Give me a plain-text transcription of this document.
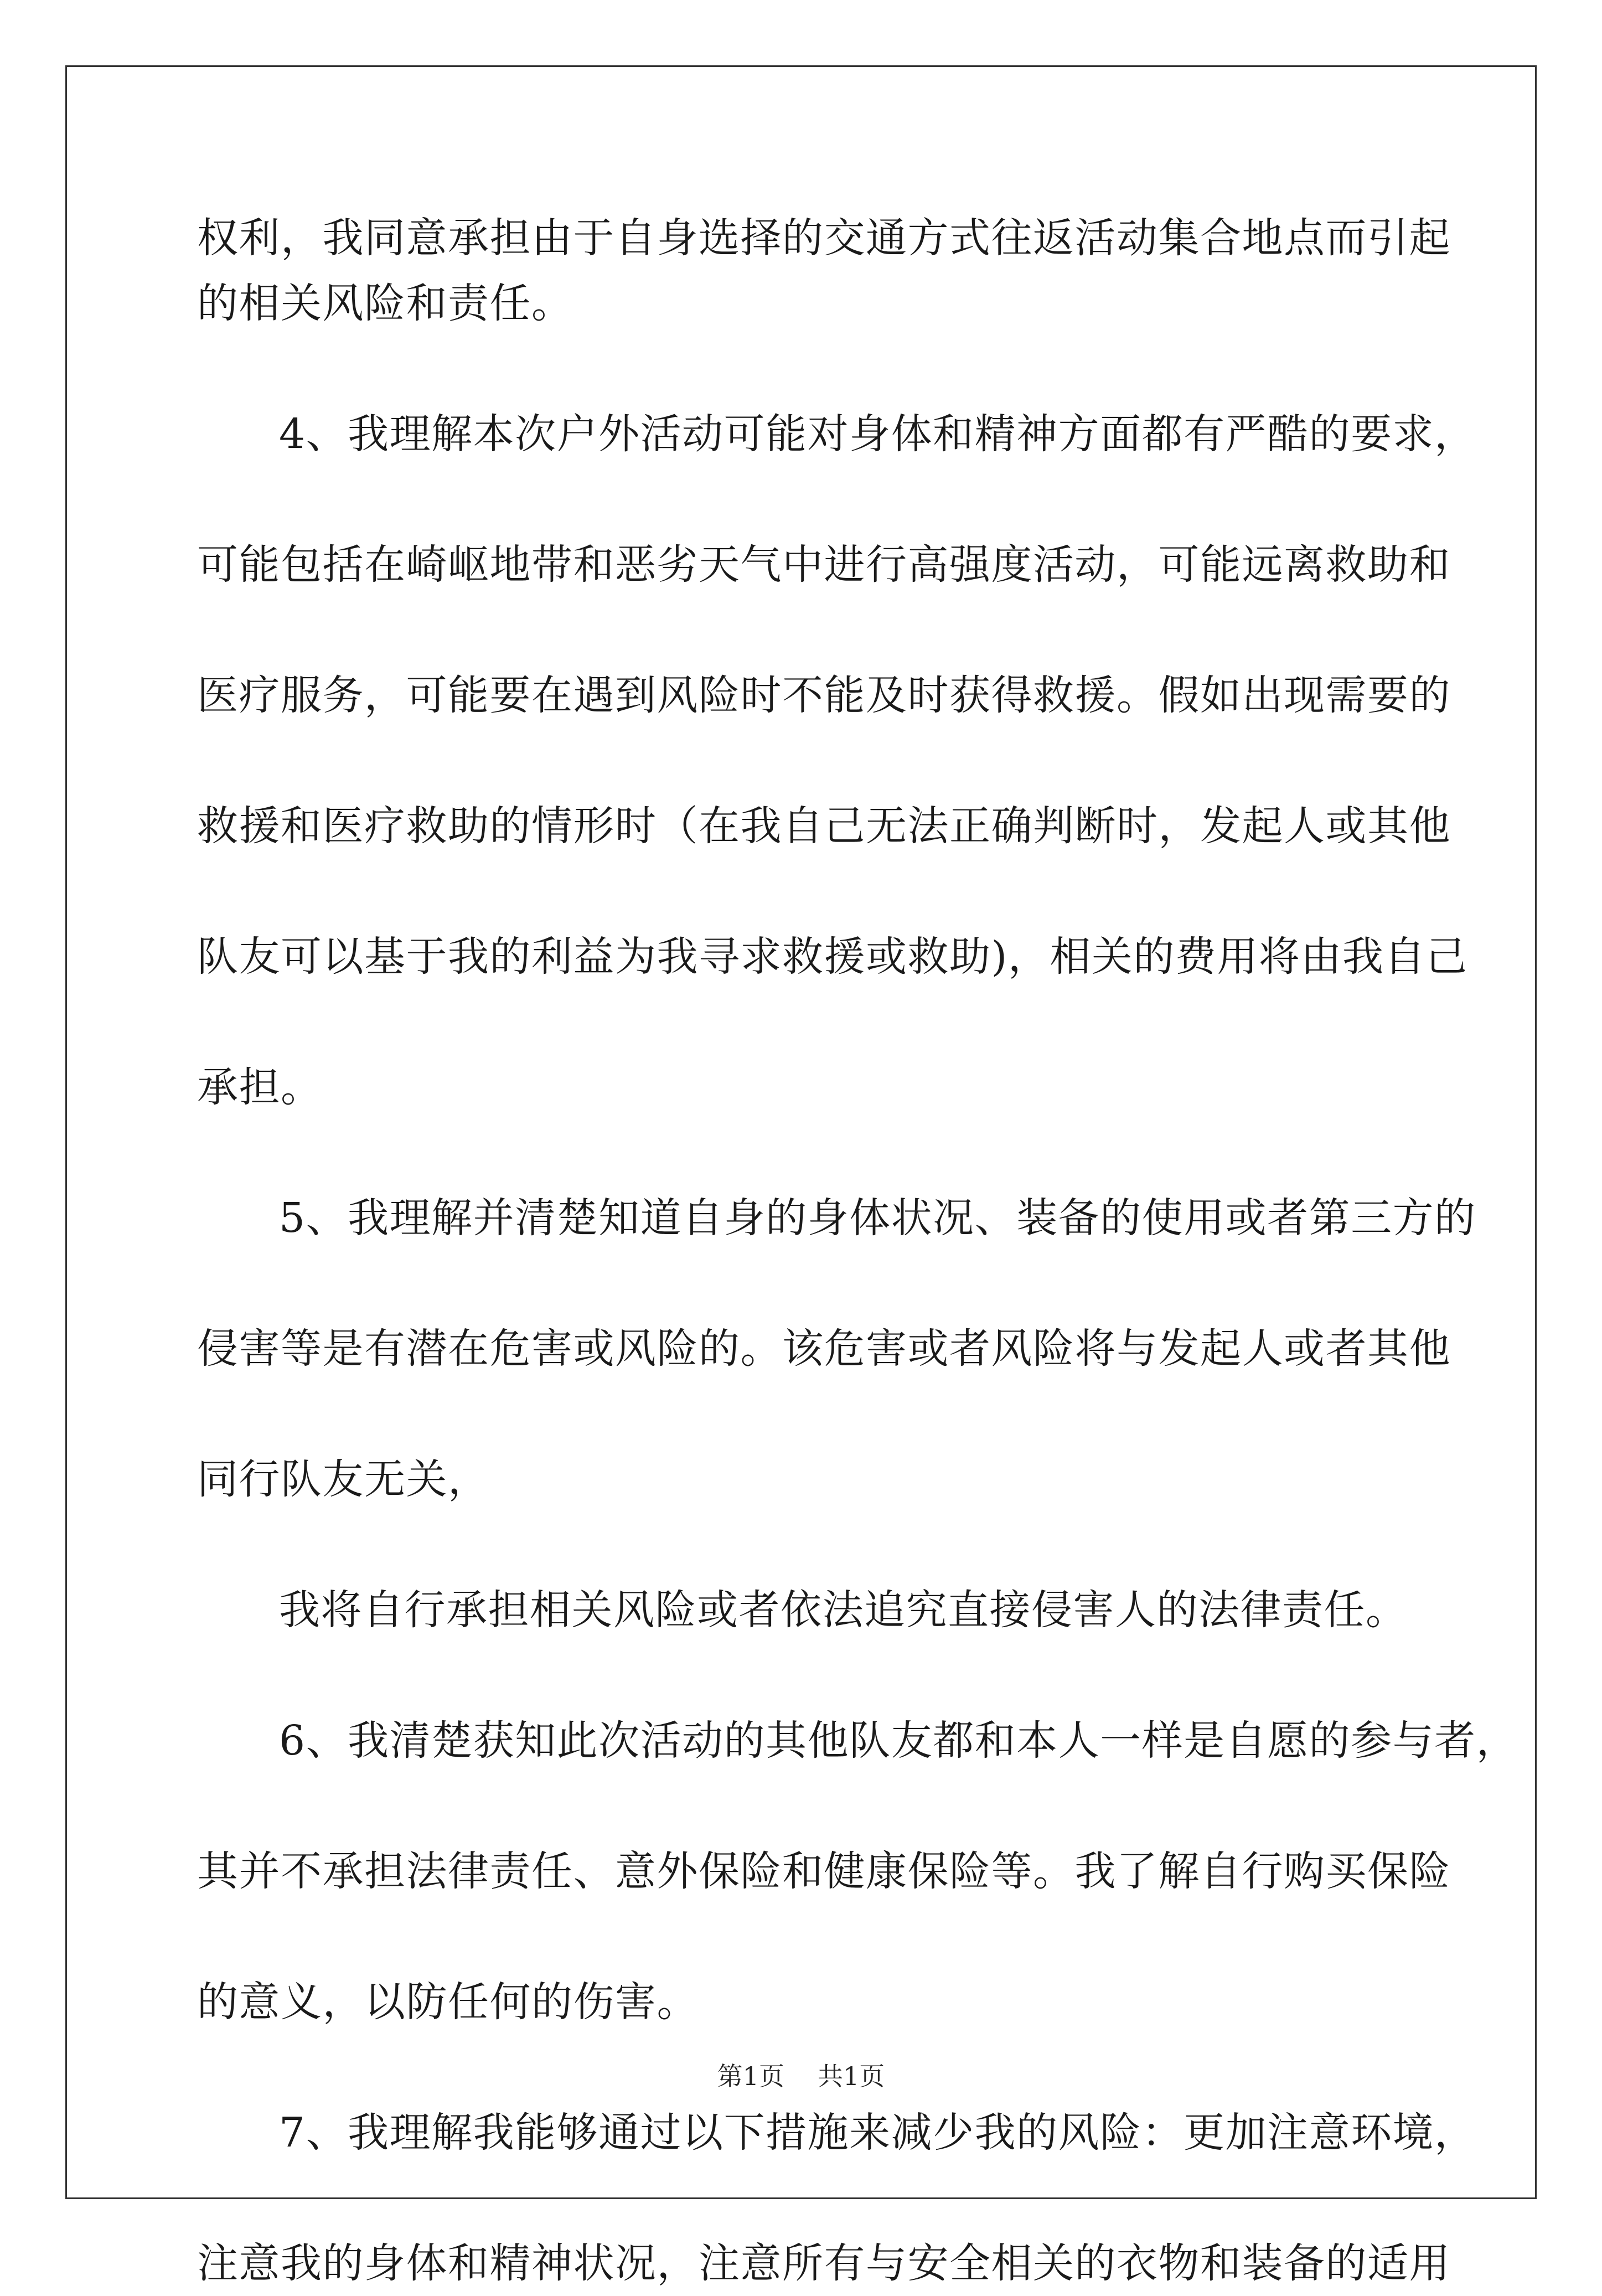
权利，我同意承担由于自身选择的交通方式往返活动集合地点而引起
的相关风险和责任。
4、我理解本次户外活动可能对身体和精神方面都有严酷的要求，
可能包括在崎岖地带和恶劣天气中进行高强度活动，可能远离救助和
医疗服务，可能要在遇到风险时不能及时获得救援。假如出现需要的
救援和医疗救助的情形时（在我自己无法正确判断时，发起人或其他
队友可以基于我的利益为我寻求救援或救助)，相关的费用将由我自己
承担。
5、我理解并清楚知道自身的身体状况、装备的使用或者第三方的
侵害等是有潜在危害或风险的。该危害或者风险将与发起人或者其他
同行队友无关，
我将自行承担相关风险或者依法追究直接侵害人的法律责任。
6、我清楚获知此次活动的其他队友都和本人一样是自愿的参与者，
其并不承担法律责任、意外保险和健康保险等。我了解自行购买保险
的意义，以防任何的伤害。
7、我理解我能够通过以下措施来减少我的风险：更加注意环境，
注意我的身体和精神状况，注意所有与安全相关的衣物和装备的适用
第1页 共1页
